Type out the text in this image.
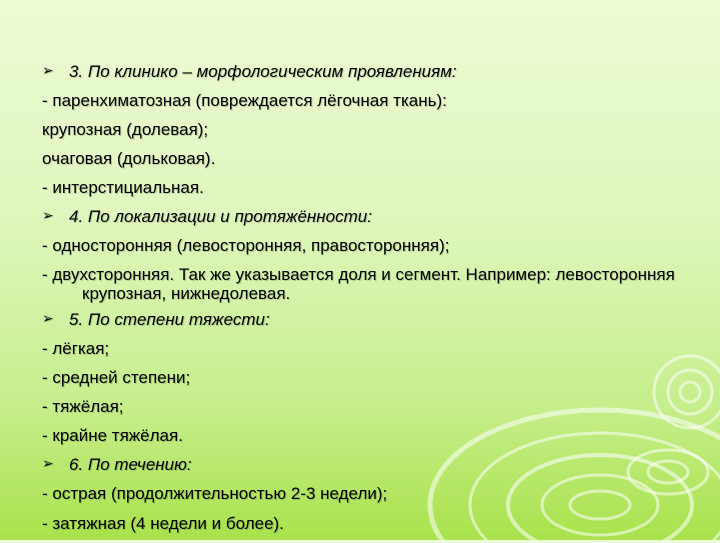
➢ 3. По клинико – морфологическим проявлениям:
- паренхиматозная (повреждается лёгочная ткань):
крупозная (долевая);
очаговая (дольковая).
- интерстициальная.
➢ 4. По локализации и протяжённости:
- односторонняя (левосторонняя, правосторонняя);
- двухсторонняя. Так же указывается доля и сегмент. Например: левосторонняя крупозная, нижнедолевая.
➢ 5. По степени тяжести:
- лёгкая;
- средней степени;
- тяжёлая;
- крайне тяжёлая.
➢ 6. По течению:
- острая (продолжительностью 2-3 недели);
- затяжная (4 недели и более).
